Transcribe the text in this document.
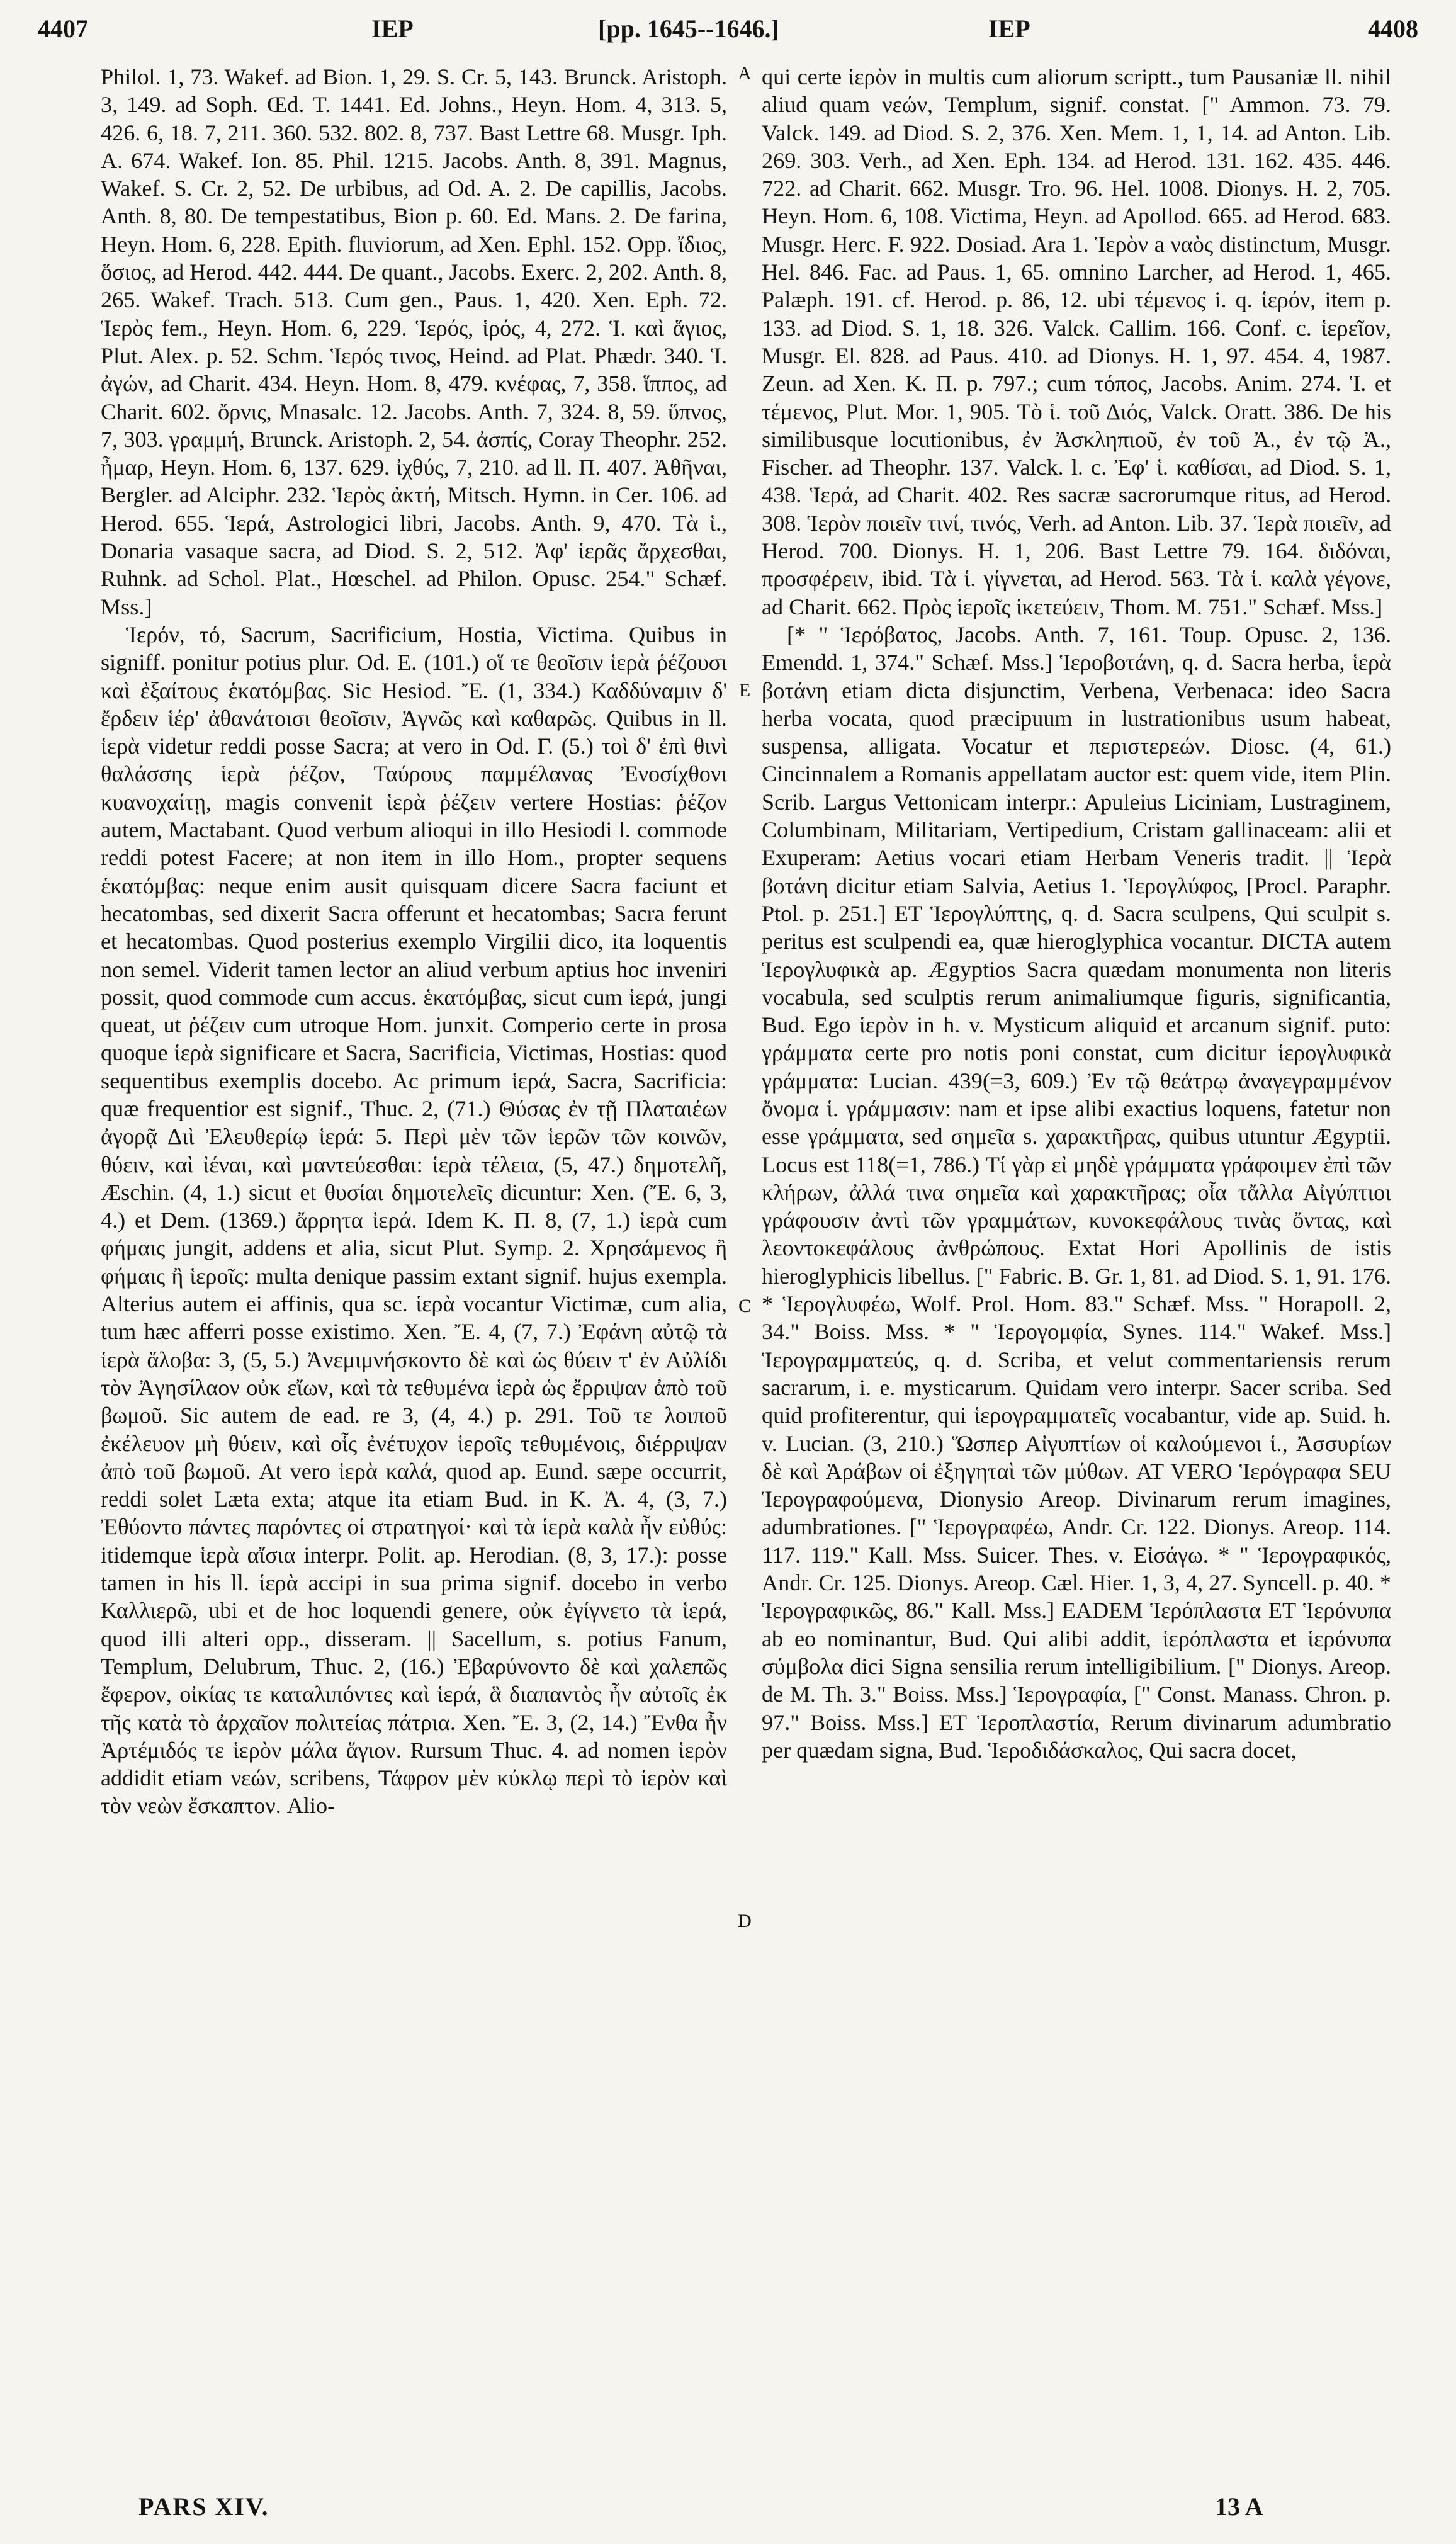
4407	IEP	[pp. 1645--1646.]	IEP	4408

Philol. 1, 73. Wakef. ad Bion. 1, 29. S. Cr. 5, 143. Brunck. Aristoph. 3, 149. ad Soph. Œd. T. 1441. Ed. Johns., Heyn. Hom. 4, 313. 5, 426. 6, 18. 7, 211. 360. 532. 802. 8, 737. Bast Lettre 68. Musgr. Iph. A. 674. Wakef. Ion. 85. Phil. 1215. Jacobs. Anth. 8, 391. Magnus, Wakef. S. Cr. 2, 52. De urbibus, ad Od. A. 2. De capillis, Jacobs. Anth. 8, 80. De tempestatibus, Bion p. 60. Ed. Mans. 2. De farina, Heyn. Hom. 6, 228. Epith. fluviorum, ad Xen. Ephl. 152. Opp. ἴδιος, ὅσιος, ad Herod. 442. 444. De quant., Jacobs. Exerc. 2, 202. Anth. 8, 265. Wakef. Trach. 513. Cum gen., Paus. 1, 420. Xen. Eph. 72. Ἱερὸς fem., Heyn. Hom. 6, 229. Ἱερός, ἱρός, 4, 272. Ἱ. καὶ ἅγιος, Plut. Alex. p. 52. Schm. Ἱερός τινος, Heind. ad Plat. Phædr. 340. Ἱ. ἀγών, ad Charit. 434. Heyn. Hom. 8, 479. κνέφας, 7, 358. ἵππος, ad Charit. 602. ὄρνις, Mnasalc. 12. Jacobs. Anth. 7, 324. 8, 59. ὕπνος, 7, 303. γραμμή, Brunck. Aristoph. 2, 54. ἀσπίς, Coray Theophr. 252. ἦμαρ, Heyn. Hom. 6, 137. 629. ἰχθύς, 7, 210. ad ll. Π. 407. Ἀθῆναι, Bergler. ad Alciphr. 232. Ἱερὸς ἀκτή, Mitsch. Hymn. in Cer. 106. ad Herod. 655. Ἱερά, Astrologici libri, Jacobs. Anth. 9, 470. Τὰ ἱ., Donaria vasaque sacra, ad Diod. S. 2, 512. Ἀφ' ἱερᾶς ἄρχεσθαι, Ruhnk. ad Schol. Plat., Hœschel. ad Philon. Opusc. 254." Schæf. Mss.]

Ἱερόν, τό, Sacrum, Sacrificium, Hostia, Victima. Quibus in signiff. ponitur potius plur. Od. E. (101.) οἵ τε θεοῖσιν ἱερὰ ῥέζουσι καὶ ἐξαίτους ἑκατόμβας. Sic Hesiod. Ἔ. (1, 334.) Καδδύναμιν δ' ἔρδειν ἱέρ' ἀθανάτοισι θεοῖσιν, Ἁγνῶς καὶ καθαρῶς. Quibus in ll. ἱερὰ videtur reddi posse Sacra; at vero in Od. Γ. (5.) τοὶ δ' ἐπὶ θινὶ θαλάσσης ἱερὰ ῥέζον, Ταύρους παμμέλανας Ἐνοσίχθονι κυανοχαίτῃ, magis convenit ἱερὰ ῥέζειν vertere Hostias: ῥέζον autem, Mactabant. Quod verbum alioqui in illo Hesiodi l. commode reddi potest Facere; at non item in illo Hom., propter sequens ἑκατόμβας: neque enim ausit quisquam dicere Sacra faciunt et hecatombas, sed dixerit Sacra offerunt et hecatombas; Sacra ferunt et hecatombas. Quod posterius exemplo Virgilii dico, ita loquentis non semel. Viderit tamen lector an aliud verbum aptius hoc inveniri possit, quod commode cum accus. ἑκατόμβας, sicut cum ἱερά, jungi queat, ut ῥέζειν cum utroque Hom. junxit. Comperio certe in prosa quoque ἱερὰ significare et Sacra, Sacrificia, Victimas, Hostias: quod sequentibus exemplis docebo. Ac primum ἱερά, Sacra, Sacrificia: quæ frequentior est signif., Thuc. 2, (71.) Θύσας ἐν τῇ Πλαταιέων ἀγορᾷ Διὶ Ἐλευθερίῳ ἱερά: 5. Περὶ μὲν τῶν ἱερῶν τῶν κοινῶν, θύειν, καὶ ἰέναι, καὶ μαντεύεσθαι: ἱερὰ τέλεια, (5, 47.) δημοτελῆ, Æschin. (4, 1.) sicut et θυσίαι δημοτελεῖς dicuntur: Xen. (Ἔ. 6, 3, 4.) et Dem. (1369.) ἄρρητα ἱερά. Idem K. Π. 8, (7, 1.) ἱερὰ cum φήμαις jungit, addens et alia, sicut Plut. Symp. 2. Χρησάμενος ἢ φήμαις ἢ ἱεροῖς: multa denique passim extant signif. hujus exempla. Alterius autem ei affinis, qua sc. ἱερὰ vocantur Victimæ, cum alia, tum hæc afferri posse existimo. Xen. Ἔ. 4, (7, 7.) Ἐφάνη αὐτῷ τὰ ἱερὰ ἄλοβα: 3, (5, 5.) Ἀνεμιμνήσκοντο δὲ καὶ ὡς θύειν τ' ἐν Αὐλίδι τὸν Ἀγησίλαον οὐκ εἴων, καὶ τὰ τεθυμένα ἱερὰ ὡς ἔρριψαν ἀπὸ τοῦ βωμοῦ. Sic autem de ead. re 3, (4, 4.) p. 291. Τοῦ τε λοιποῦ ἐκέλευον μὴ θύειν, καὶ οἷς ἐνέτυχον ἱεροῖς τεθυμένοις, διέρριψαν ἀπὸ τοῦ βωμοῦ. At vero ἱερὰ καλά, quod ap. Eund. sæpe occurrit, reddi solet Læta exta; atque ita etiam Bud. in K. Ἀ. 4, (3, 7.) Ἐθύοντο πάντες παρόντες οἱ στρατηγοί· καὶ τὰ ἱερὰ καλὰ ἦν εὐθύς: itidemque ἱερὰ αἴσια interpr. Polit. ap. Herodian. (8, 3, 17.): posse tamen in his ll. ἱερὰ accipi in sua prima signif. docebo in verbo Καλλιερῶ, ubi et de hoc loquendi genere, οὐκ ἐγίγνετο τὰ ἱερά, quod illi alteri opp., disseram. || Sacellum, s. potius Fanum, Templum, Delubrum, Thuc. 2, (16.) Ἐβαρύνοντο δὲ καὶ χαλεπῶς ἔφερον, οἰκίας τε καταλιπόντες καὶ ἱερά, ἃ διαπαντὸς ἦν αὐτοῖς ἐκ τῆς κατὰ τὸ ἀρχαῖον πολιτείας πάτρια. Xen. Ἔ. 3, (2, 14.) Ἔνθα ἦν Ἀρτέμιδός τε ἱερὸν μάλα ἅγιον. Rursum Thuc. 4. ad nomen ἱερὸν addidit etiam νεών, scribens, Τάφρον μὲν κύκλῳ περὶ τὸ ἱερὸν καὶ τὸν νεὼν ἔσκαπτον. Alio-

A
E
C
D

qui certe ἱερὸν in multis cum aliorum scriptt., tum Pausaniæ ll. nihil aliud quam νεών, Templum, signif. constat. [" Ammon. 73. 79. Valck. 149. ad Diod. S. 2, 376. Xen. Mem. 1, 1, 14. ad Anton. Lib. 269. 303. Verh., ad Xen. Eph. 134. ad Herod. 131. 162. 435. 446. 722. ad Charit. 662. Musgr. Tro. 96. Hel. 1008. Dionys. H. 2, 705. Heyn. Hom. 6, 108. Victima, Heyn. ad Apollod. 665. ad Herod. 683. Musgr. Herc. F. 922. Dosiad. Ara 1. Ἱερὸν a ναὸς distinctum, Musgr. Hel. 846. Fac. ad Paus. 1, 65. omnino Larcher, ad Herod. 1, 465. Palæph. 191. cf. Herod. p. 86, 12. ubi τέμενος i. q. ἱερόν, item p. 133. ad Diod. S. 1, 18. 326. Valck. Callim. 166. Conf. c. ἱερεῖον, Musgr. El. 828. ad Paus. 410. ad Dionys. H. 1, 97. 454. 4, 1987. Zeun. ad Xen. K. Π. p. 797.; cum τόπος, Jacobs. Anim. 274. Ἱ. et τέμενος, Plut. Mor. 1, 905. Τὸ ἱ. τοῦ Διός, Valck. Oratt. 386. De his similibusque locutionibus, ἐν Ἀσκληπιοῦ, ἐν τοῦ Ἀ., ἐν τῷ Ἀ., Fischer. ad Theophr. 137. Valck. l. c. Ἐφ' ἱ. καθίσαι, ad Diod. S. 1, 438. Ἱερά, ad Charit. 402. Res sacræ sacrorumque ritus, ad Herod. 308. Ἱερὸν ποιεῖν τινί, τινός, Verh. ad Anton. Lib. 37. Ἱερὰ ποιεῖν, ad Herod. 700. Dionys. H. 1, 206. Bast Lettre 79. 164. διδόναι, προσφέρειν, ibid. Τὰ ἱ. γίγνεται, ad Herod. 563. Τὰ ἱ. καλὰ γέγονε, ad Charit. 662. Πρὸς ἱεροῖς ἱκετεύειν, Thom. M. 751." Schæf. Mss.]

[* " Ἱερόβατος, Jacobs. Anth. 7, 161. Toup. Opusc. 2, 136. Emendd. 1, 374." Schæf. Mss.] Ἱεροβοτάνη, q. d. Sacra herba, ἱερὰ βοτάνη etiam dicta disjunctim, Verbena, Verbenaca: ideo Sacra herba vocata, quod præcipuum in lustrationibus usum habeat, suspensa, alligata. Vocatur et περιστερεών. Diosc. (4, 61.) Cincinnalem a Romanis appellatam auctor est: quem vide, item Plin. Scrib. Largus Vettonicam interpr.: Apuleius Liciniam, Lustraginem, Columbinam, Militariam, Vertipedium, Cristam gallinaceam: alii et Exuperam: Aetius vocari etiam Herbam Veneris tradit. || Ἱερὰ βοτάνη dicitur etiam Salvia, Aetius 1. Ἱερογλύφος, [Procl. Paraphr. Ptol. p. 251.] ET Ἱερογλύπτης, q. d. Sacra sculpens, Qui sculpit s. peritus est sculpendi ea, quæ hieroglyphica vocantur. DICTA autem Ἱερογλυφικὰ ap. Ægyptios Sacra quædam monumenta non literis vocabula, sed sculptis rerum animaliumque figuris, significantia, Bud. Ego ἱερὸν in h. v. Mysticum aliquid et arcanum signif. puto: γράμματα certe pro notis poni constat, cum dicitur ἱερογλυφικὰ γράμματα: Lucian. 439(=3, 609.) Ἐν τῷ θεάτρῳ ἀναγεγραμμένον ὄνομα ἱ. γράμμασιν: nam et ipse alibi exactius loquens, fatetur non esse γράμματα, sed σημεῖα s. χαρακτῆρας, quibus utuntur Ægyptii. Locus est 118(=1, 786.) Τί γὰρ εἰ μηδὲ γράμματα γράφοιμεν ἐπὶ τῶν κλήρων, ἀλλά τινα σημεῖα καὶ χαρακτῆρας; οἷα τἄλλα Αἰγύπτιοι γράφουσιν ἀντὶ τῶν γραμμάτων, κυνοκεφάλους τινὰς ὄντας, καὶ λεοντοκεφάλους ἀνθρώπους. Extat Hori Apollinis de istis hieroglyphicis libellus. [" Fabric. B. Gr. 1, 81. ad Diod. S. 1, 91. 176. * Ἱερογλυφέω, Wolf. Prol. Hom. 83." Schæf. Mss. " Horapoll. 2, 34." Boiss. Mss. * " Ἱερογομφία, Synes. 114." Wakef. Mss.] Ἱερογραμματεύς, q. d. Scriba, et velut commentariensis rerum sacrarum, i. e. mysticarum. Quidam vero interpr. Sacer scriba. Sed quid profiterentur, qui ἱερογραμματεῖς vocabantur, vide ap. Suid. h. v. Lucian. (3, 210.) Ὥσπερ Αἰγυπτίων οἱ καλούμενοι ἱ., Ἀσσυρίων δὲ καὶ Ἀράβων οἱ ἐξηγηταὶ τῶν μύθων. AT VERO Ἱερόγραφα SEU Ἱερογραφούμενα, Dionysio Areop. Divinarum rerum imagines, adumbrationes. [" Ἱερογραφέω, Andr. Cr. 122. Dionys. Areop. 114. 117. 119." Kall. Mss. Suicer. Thes. v. Εἰσάγω. * " Ἱερογραφικός, Andr. Cr. 125. Dionys. Areop. Cæl. Hier. 1, 3, 4, 27. Syncell. p. 40. * Ἱερογραφικῶς, 86." Kall. Mss.] EADEM Ἱερόπλαστα ET Ἱερόνυπα ab eo nominantur, Bud. Qui alibi addit, ἱερόπλαστα et ἱερόνυπα σύμβολα dici Signa sensilia rerum intelligibilium. [" Dionys. Areop. de M. Th. 3." Boiss. Mss.] Ἱερογραφία, [" Const. Manass. Chron. p. 97." Boiss. Mss.] ET Ἱεροπλαστία, Rerum divinarum adumbratio per quædam signa, Bud. Ἱεροδιδάσκαλος, Qui sacra docet,

PARS XIV.	13 A
